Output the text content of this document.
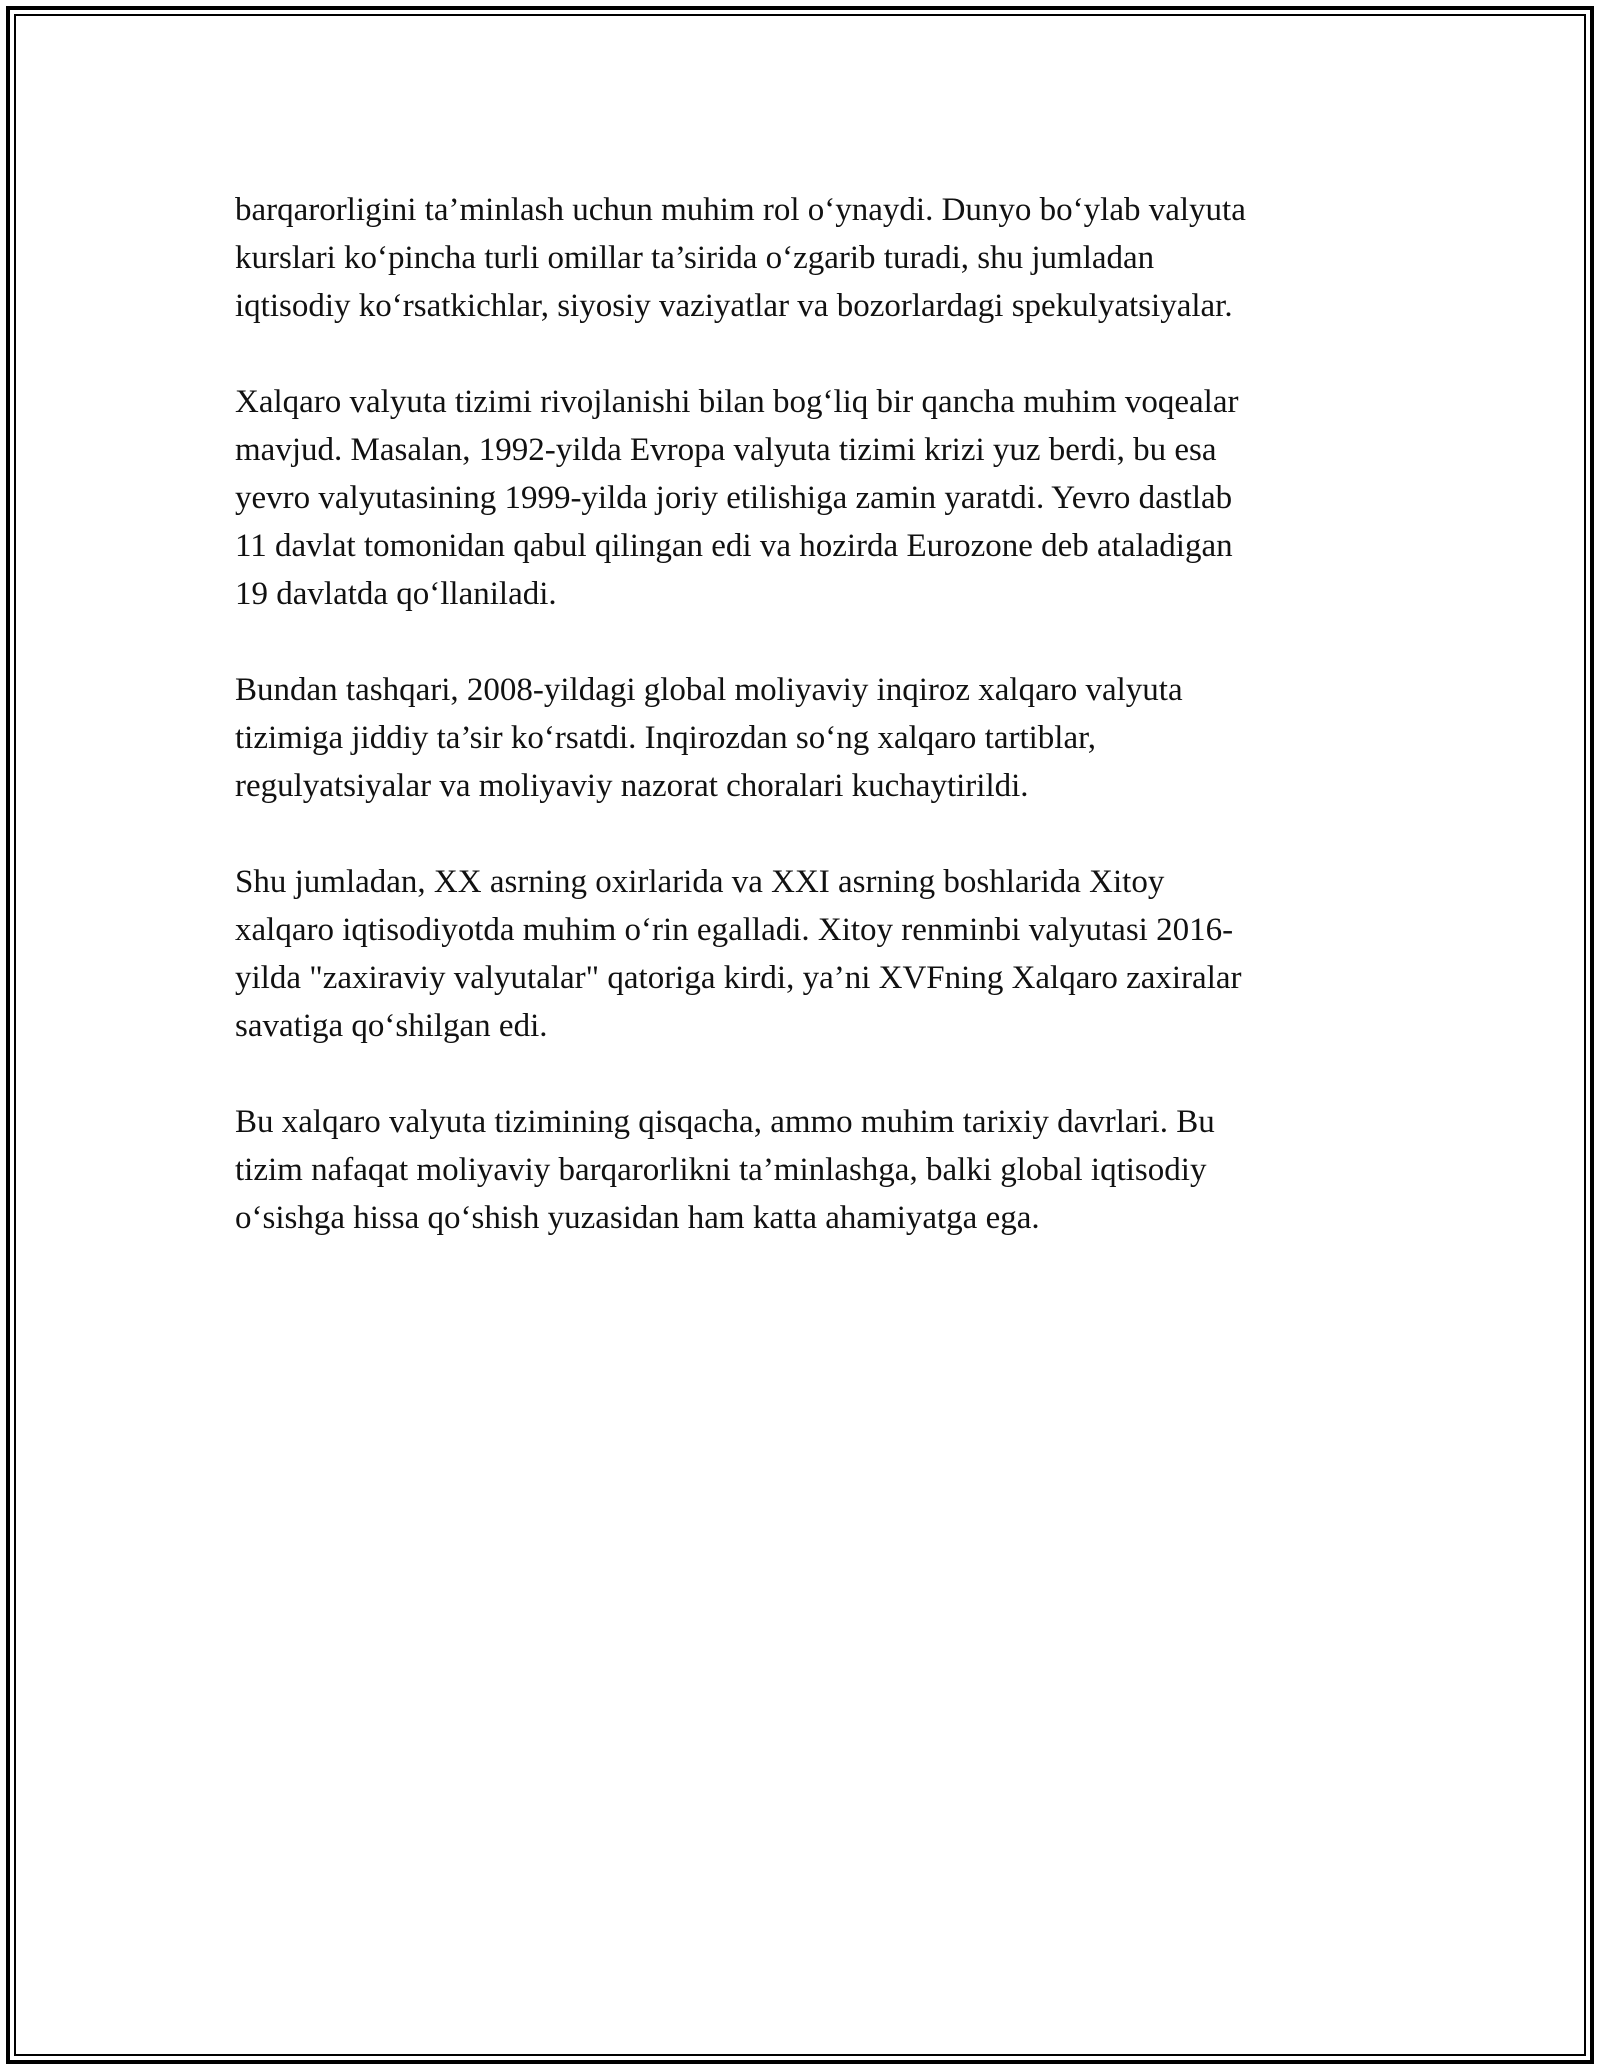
barqarorligini ta’minlash uchun muhim rol o‘ynaydi. Dunyo bo‘ylab valyuta
kurslari ko‘pincha turli omillar ta’sirida o‘zgarib turadi, shu jumladan
iqtisodiy ko‘rsatkichlar, siyosiy vaziyatlar va bozorlardagi spekulyatsiyalar.

Xalqaro valyuta tizimi rivojlanishi bilan bog‘liq bir qancha muhim voqealar
mavjud. Masalan, 1992-yilda Evropa valyuta tizimi krizi yuz berdi, bu esa
yevro valyutasining 1999-yilda joriy etilishiga zamin yaratdi. Yevro dastlab
11 davlat tomonidan qabul qilingan edi va hozirda Eurozone deb ataladigan
19 davlatda qo‘llaniladi.

Bundan tashqari, 2008-yildagi global moliyaviy inqiroz xalqaro valyuta
tizimiga jiddiy ta’sir ko‘rsatdi. Inqirozdan so‘ng xalqaro tartiblar,
regulyatsiyalar va moliyaviy nazorat choralari kuchaytirildi.

Shu jumladan, XX asrning oxirlarida va XXI asrning boshlarida Xitoy
xalqaro iqtisodiyotda muhim o‘rin egalladi. Xitoy renminbi valyutasi 2016-
yilda "zaxiraviy valyutalar" qatoriga kirdi, ya’ni XVFning Xalqaro zaxiralar
savatiga qo‘shilgan edi.

Bu xalqaro valyuta tizimining qisqacha, ammo muhim tarixiy davrlari. Bu
tizim nafaqat moliyaviy barqarorlikni ta’minlashga, balki global iqtisodiy
o‘sishga hissa qo‘shish yuzasidan ham katta ahamiyatga ega.
